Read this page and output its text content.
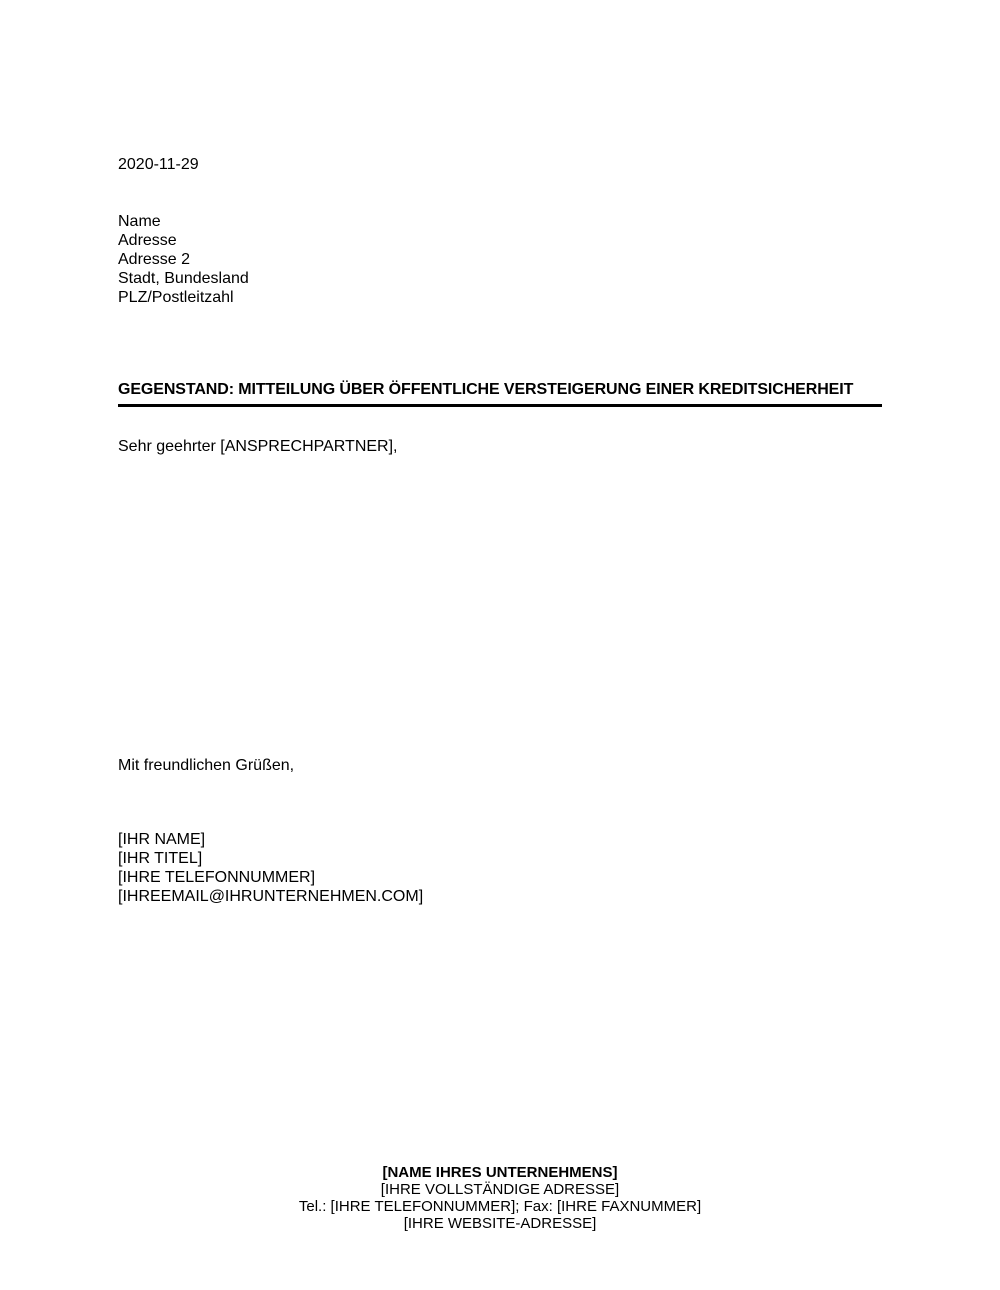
2020-11-29
Name
Adresse
Adresse 2
Stadt, Bundesland
PLZ/Postleitzahl
GEGENSTAND: MITTEILUNG ÜBER ÖFFENTLICHE VERSTEIGERUNG EINER KREDITSICHERHEIT
Sehr geehrter [ANSPRECHPARTNER],
Mit freundlichen Grüßen,
[IHR NAME]
[IHR TITEL]
[IHRE TELEFONNUMMER]
[IHREEMAIL@IHRUNTERNEHMEN.COM]
[NAME IHRES UNTERNEHMENS]
[IHRE VOLLSTÄNDIGE ADRESSE]
Tel.: [IHRE TELEFONNUMMER]; Fax: [IHRE FAXNUMMER]
[IHRE WEBSITE-ADRESSE]
